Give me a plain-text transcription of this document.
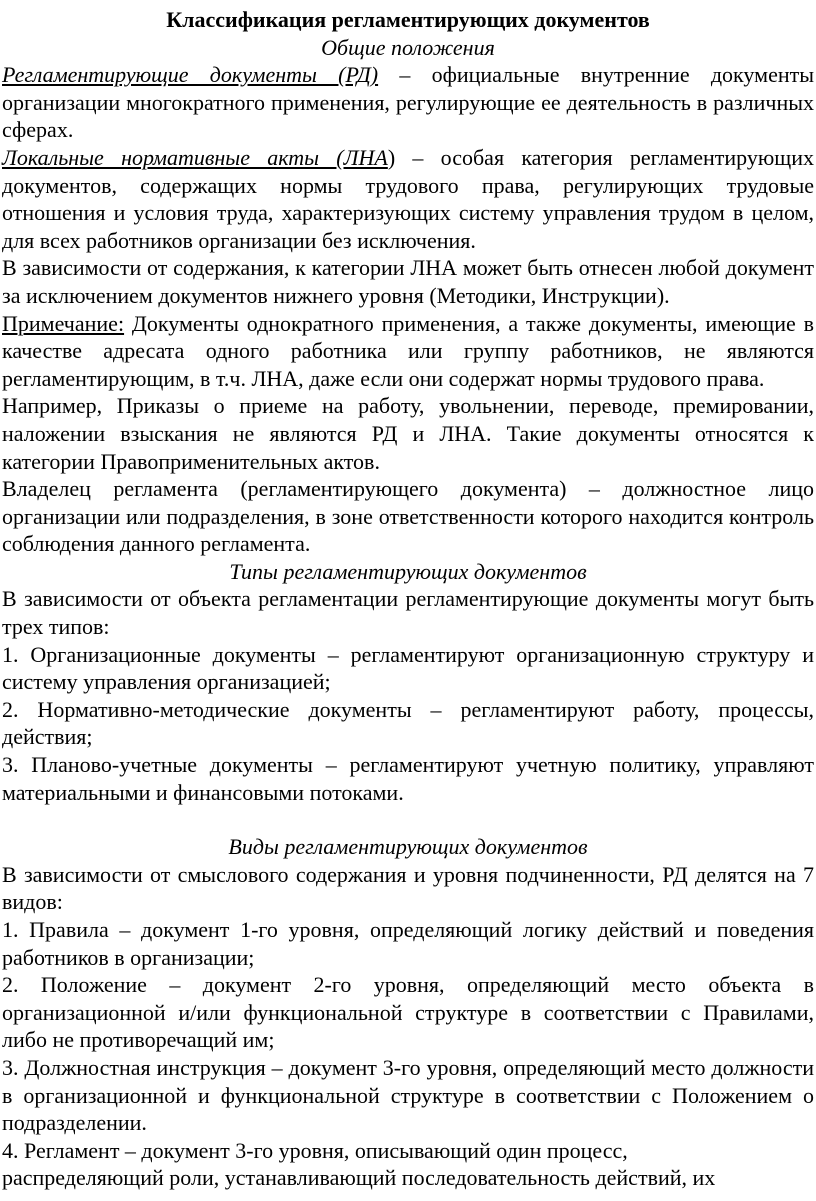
Классификация регламентирующих документов

Общие положения

Регламентирующие документы (РД) – официальные внутренние документы организации многократного применения, регулирующие ее деятельность в различных сферах.

Локальные нормативные акты (ЛНА) – особая категория регламентирующих документов, содержащих нормы трудового права, регулирующих трудовые отношения и условия труда, характеризующих систему управления трудом в целом, для всех работников организации без исключения.

В зависимости от содержания, к категории ЛНА может быть отнесен любой документ за исключением документов нижнего уровня (Методики, Инструкции).

Примечание: Документы однократного применения, а также документы, имеющие в качестве адресата одного работника или группу работников, не являются регламентирующим, в т.ч. ЛНА, даже если они содержат нормы трудового права.

Например, Приказы о приеме на работу, увольнении, переводе, премировании, наложении взыскания не являются РД и ЛНА. Такие документы относятся к категории Правоприменительных актов.

Владелец регламента (регламентирующего документа) – должностное лицо организации или подразделения, в зоне ответственности которого находится контроль соблюдения данного регламента.

Типы регламентирующих документов

В зависимости от объекта регламентации регламентирующие документы могут быть трех типов:

1. Организационные документы – регламентируют организационную структуру и систему управления организацией;

2. Нормативно-методические документы – регламентируют работу, процессы, действия;

3. Планово-учетные документы – регламентируют учетную политику, управляют материальными и финансовыми потоками.

Виды регламентирующих документов

В зависимости от смыслового содержания и уровня подчиненности, РД делятся на 7 видов:

1. Правила – документ 1-го уровня, определяющий логику действий и поведения работников в организации;

2. Положение – документ 2-го уровня, определяющий место объекта в организационной и/или функциональной структуре в соответствии с Правилами, либо не противоречащий им;

3. Должностная инструкция – документ 3-го уровня, определяющий место должности в организационной и функциональной структуре в соответствии с Положением о подразделении.

4. Регламент – документ 3-го уровня, описывающий один процесс,

распределяющий роли, устанавливающий последовательность действий, их
